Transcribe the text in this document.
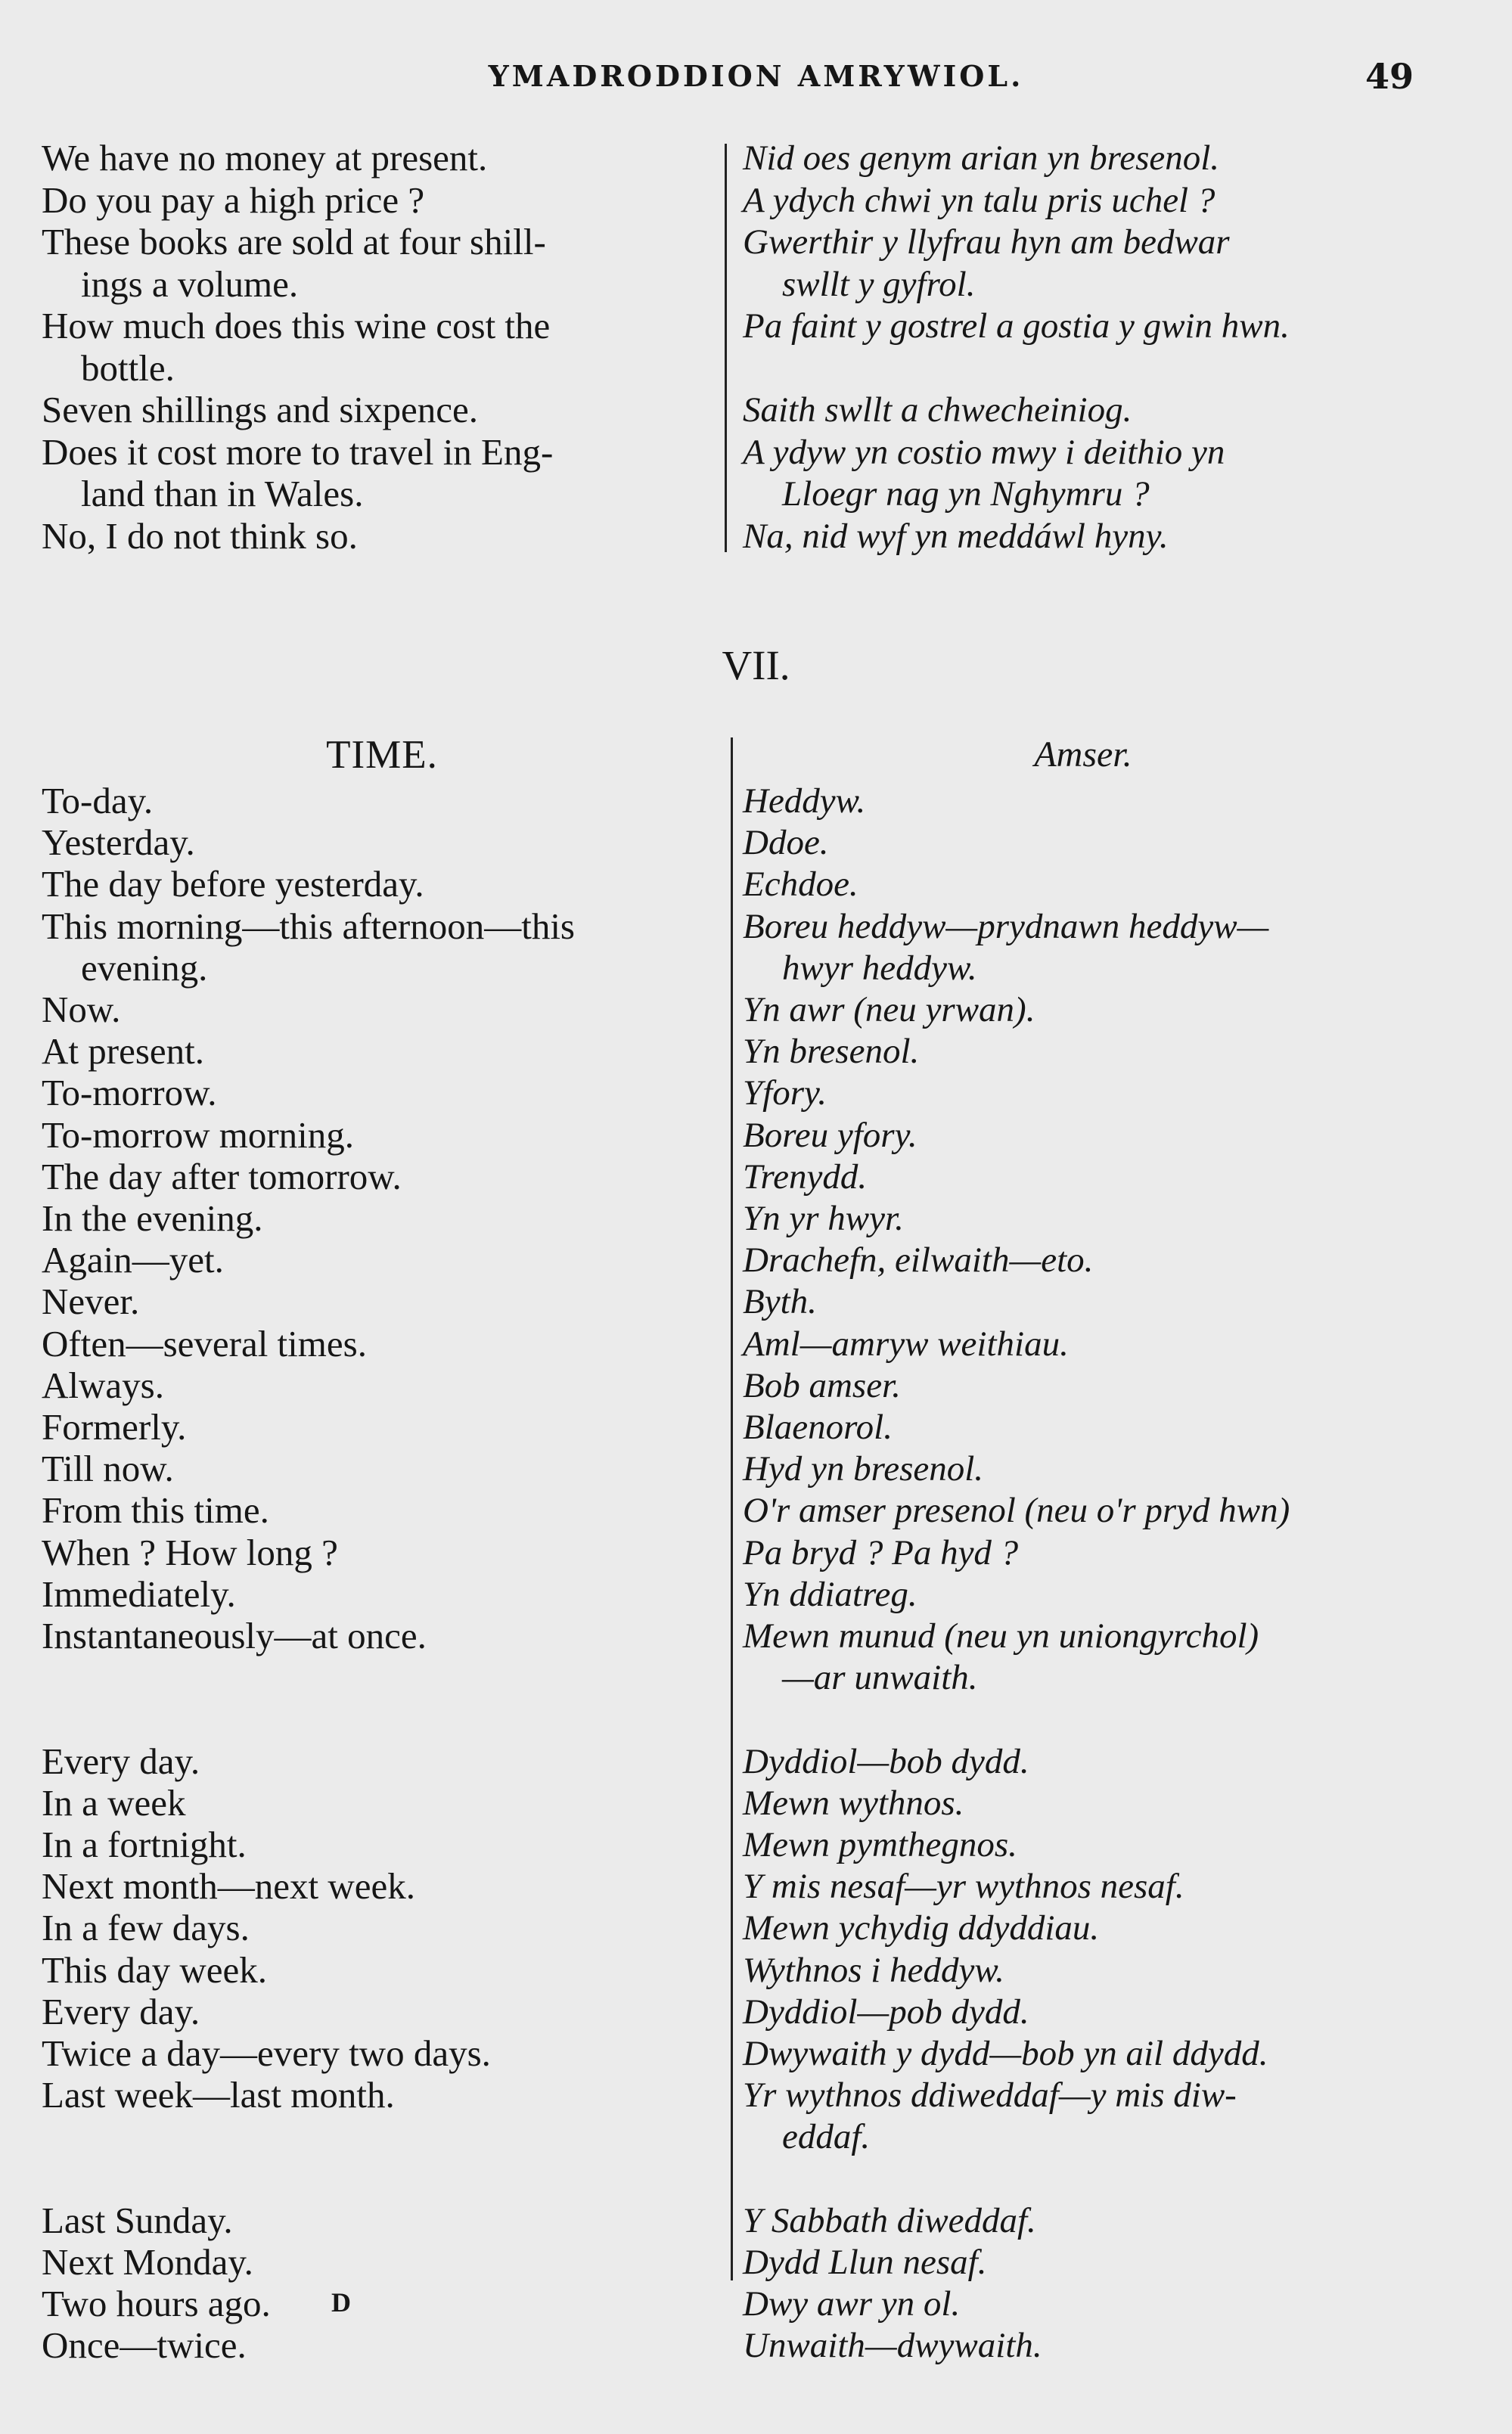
YMADRODDION AMRYWIOL.	49
We have no money at present.
Do you pay a high price ?
These books are sold at four shill-
ings a volume.
How much does this wine cost the
bottle.
Seven shillings and sixpence.
Does it cost more to travel in Eng-
land than in Wales.
No, I do not think so.
Nid oes genym arian yn bresenol.
A ydych chwi yn talu pris uchel ?
Gwerthir y llyfrau hyn am bedwar
swllt y gyfrol.
Pa faint y gostrel a gostia y gwin hwn.
Saith swllt a chwecheiniog.
A ydyw yn costio mwy i deithio yn
Lloegr nag yn Nghymru ?
Na, nid wyf yn meddáwl hyny.
VII.
TIME.	Amser.
To-day.
Yesterday.
The day before yesterday.
This morning—this afternoon—this
evening.
Now.
At present.
To-morrow.
To-morrow morning.
The day after tomorrow.
In the evening.
Again—yet.
Never.
Often—several times.
Always.
Formerly.
Till now.
From this time.
When ? How long ?
Immediately.
Instantaneously—at once.
Every day.
In a week
In a fortnight.
Next month—next week.
In a few days.
This day week.
Every day.
Twice a day—every two days.
Last week—last month.
Last Sunday.
Next Monday.
Two hours ago.
Once—twice.
Heddyw.
Ddoe.
Echdoe.
Boreu heddyw—prydnawn heddyw—
hwyr heddyw.
Yn awr (neu yrwan).
Yn bresenol.
Yfory.
Boreu yfory.
Trenydd.
Yn yr hwyr.
Drachefn, eilwaith—eto.
Byth.
Aml—amryw weithiau.
Bob amser.
Blaenorol.
Hyd yn bresenol.
O'r amser presenol (neu o'r pryd hwn)
Pa bryd ? Pa hyd ?
Yn ddiatreg.
Mewn munud (neu yn uniongyrchol)
—ar unwaith.
Dyddiol—bob dydd.
Mewn wythnos.
Mewn pymthegnos.
Y mis nesaf—yr wythnos nesaf.
Mewn ychydig ddyddiau.
Wythnos i heddyw.
Dyddiol—pob dydd.
Dwywaith y dydd—bob yn ail ddydd.
Yr wythnos ddiweddaf—y mis diw-
eddaf.
Y Sabbath diweddaf.
Dydd Llun nesaf.
Dwy awr yn ol.
Unwaith—dwywaith.
D
